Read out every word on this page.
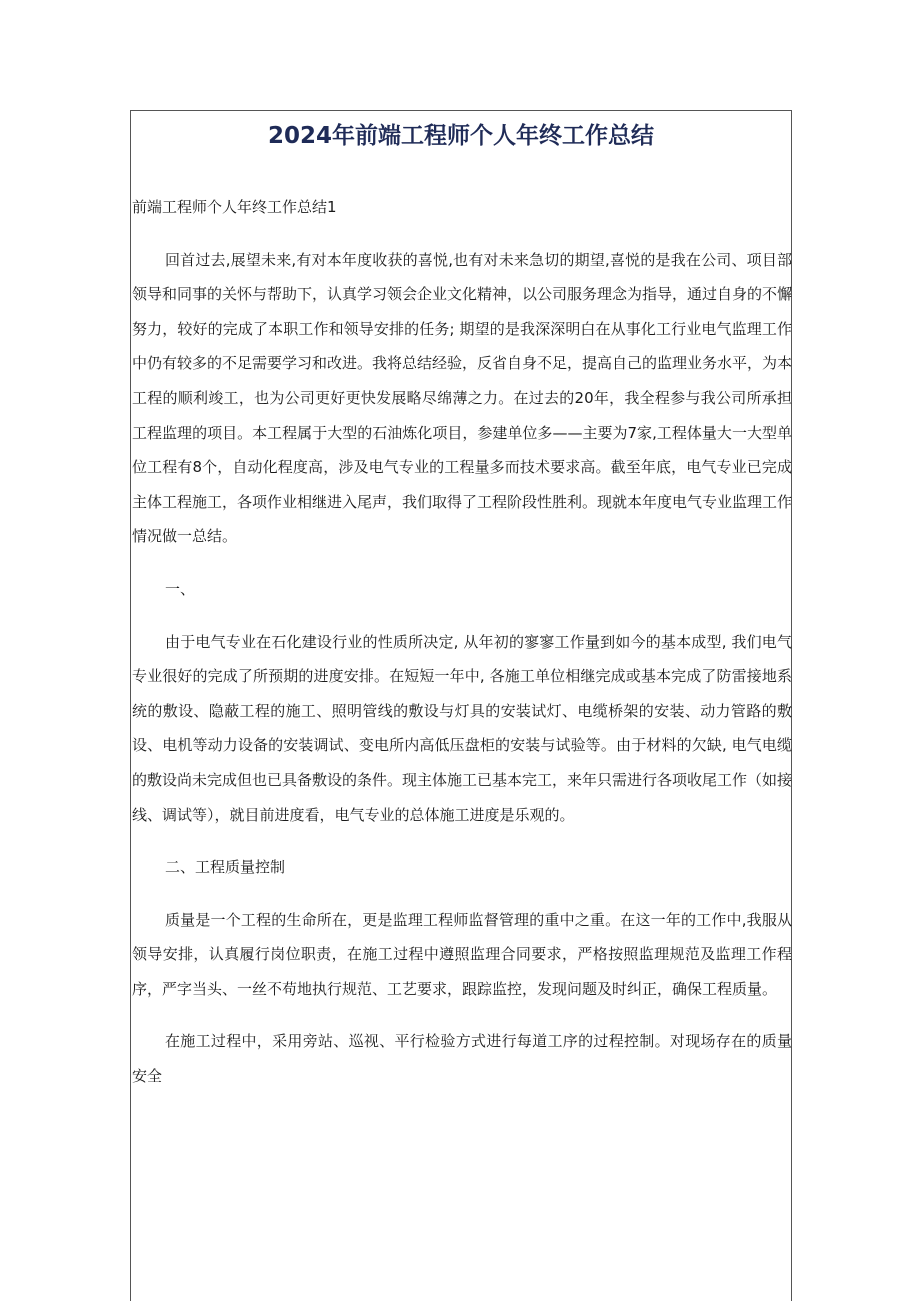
2024年前端工程师个人年终工作总结

前端工程师个人年终工作总结1

回首过去,展望未来,有对本年度收获的喜悦,也有对未来急切的期望,喜悦的是我在公司、项目部领导和同事的关怀与帮助下，认真学习领会企业文化精神，以公司服务理念为指导，通过自身的不懈努力，较好的完成了本职工作和领导安排的任务; 期望的是我深深明白在从事化工行业电气监理工作中仍有较多的不足需要学习和改进。我将总结经验，反省自身不足，提高自己的监理业务水平，为本工程的顺利竣工，也为公司更好更快发展略尽绵薄之力。在过去的20年，我全程参与我公司所承担工程监理的项目。本工程属于大型的石油炼化项目，参建单位多——主要为7家,工程体量大一大型单位工程有8个，自动化程度高，涉及电气专业的工程量多而技术要求高。截至年底，电气专业已完成主体工程施工，各项作业相继进入尾声，我们取得了工程阶段性胜利。现就本年度电气专业监理工作情况做一总结。

一、

由于电气专业在石化建设行业的性质所决定, 从年初的寥寥工作量到如今的基本成型, 我们电气专业很好的完成了所预期的进度安排。在短短一年中, 各施工单位相继完成或基本完成了防雷接地系统的敷设、隐蔽工程的施工、照明管线的敷设与灯具的安装试灯、电缆桥架的安装、动力管路的敷设、电机等动力设备的安装调试、变电所内高低压盘柜的安装与试验等。由于材料的欠缺, 电气电缆的敷设尚未完成但也已具备敷设的条件。现主体施工已基本完工，来年只需进行各项收尾工作（如接线、调试等），就目前进度看，电气专业的总体施工进度是乐观的。

二、工程质量控制

质量是一个工程的生命所在，更是监理工程师监督管理的重中之重。在这一年的工作中,我服从领导安排，认真履行岗位职责，在施工过程中遵照监理合同要求，严格按照监理规范及监理工作程序，严字当头、一丝不苟地执行规范、工艺要求，跟踪监控，发现问题及时纠正，确保工程质量。

在施工过程中，采用旁站、巡视、平行检验方式进行每道工序的过程控制。对现场存在的质量安全
